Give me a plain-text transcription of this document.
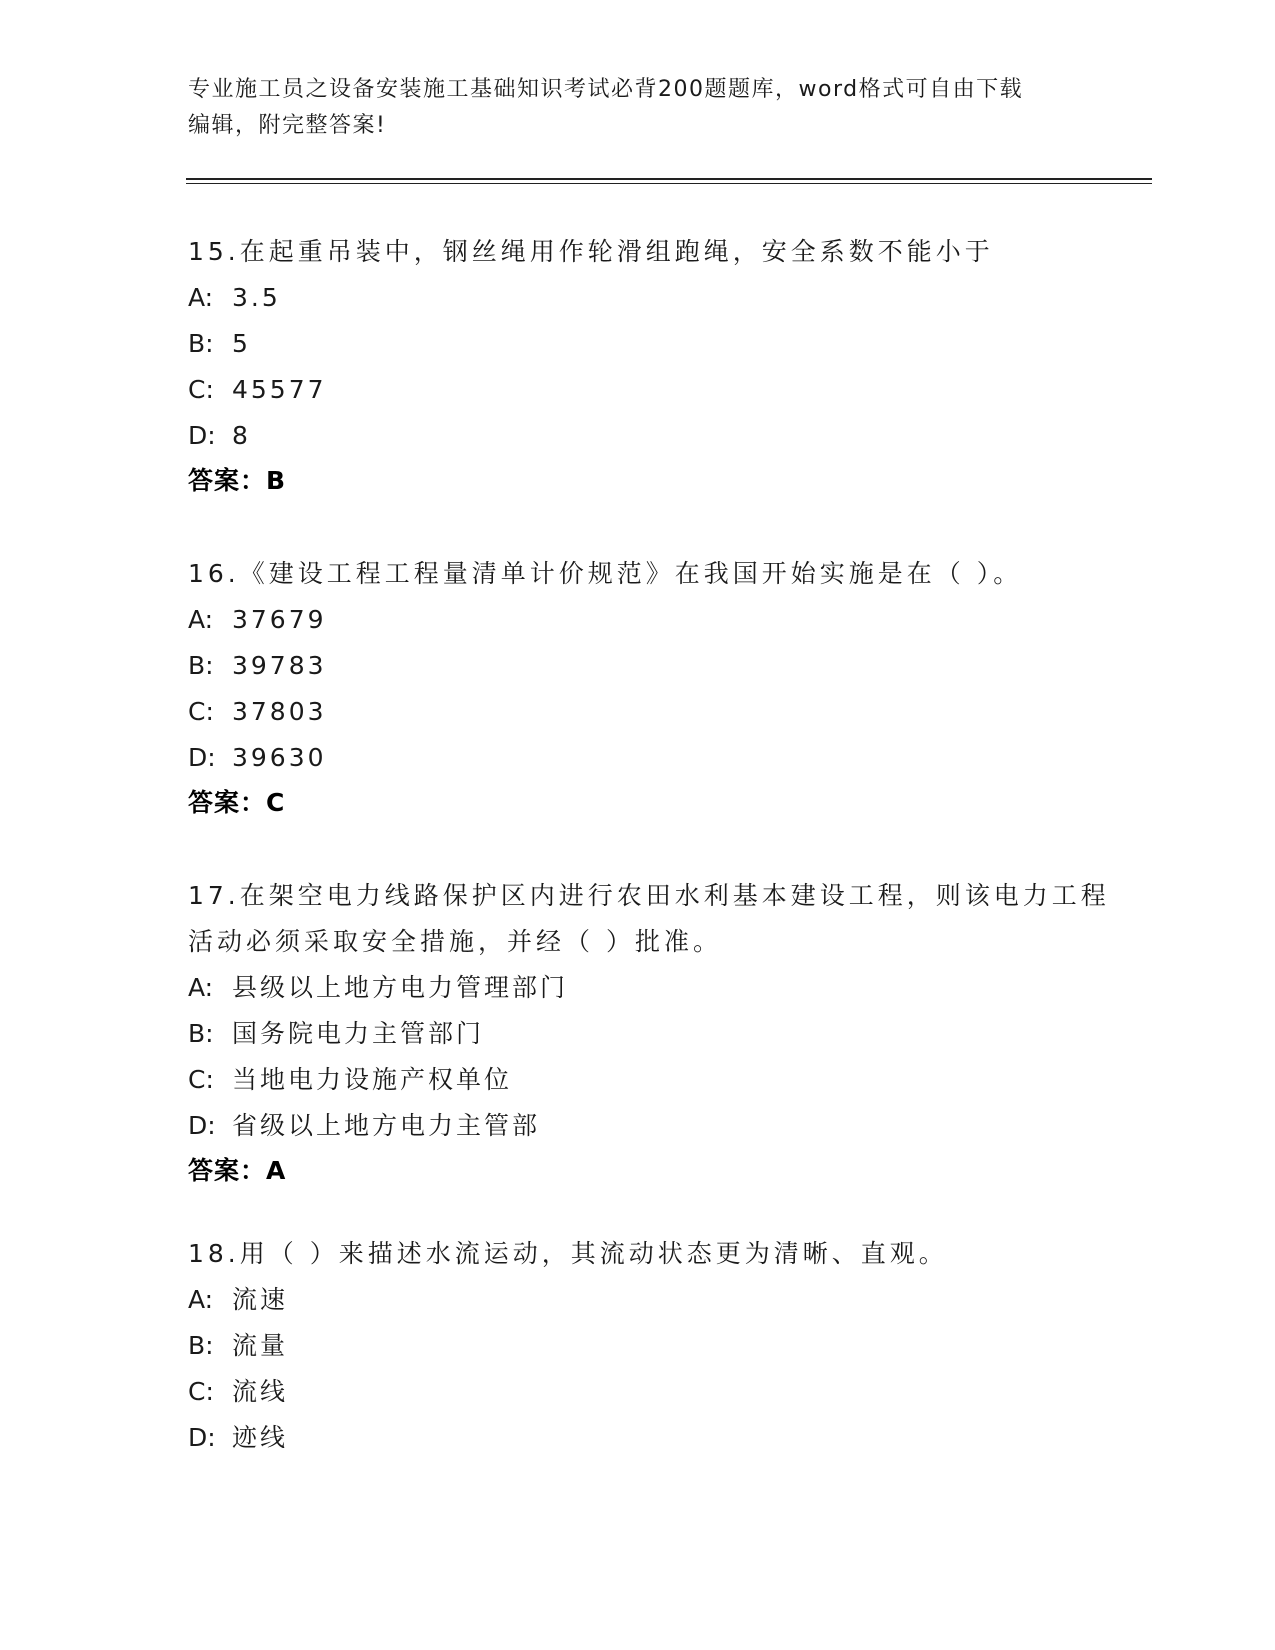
专业施工员之设备安装施工基础知识考试必背200题题库，word格式可自由下载
编辑，附完整答案!

15.在起重吊装中，钢丝绳用作轮滑组跑绳，安全系数不能小于

A: 3.5
B: 5
C: 45577
D: 8
答案：B

16.《建设工程工程量清单计价规范》在我国开始实施是在（ ）。

A: 37679
B: 39783
C: 37803
D: 39630
答案：C

17.在架空电力线路保护区内进行农田水利基本建设工程，则该电力工程活动必须采取安全措施，并经（ ）批准。

A: 县级以上地方电力管理部门
B: 国务院电力主管部门
C: 当地电力设施产权单位
D: 省级以上地方电力主管部
答案：A

18.用（ ）来描述水流运动，其流动状态更为清晰、直观。

A: 流速
B: 流量
C: 流线
D: 迹线
